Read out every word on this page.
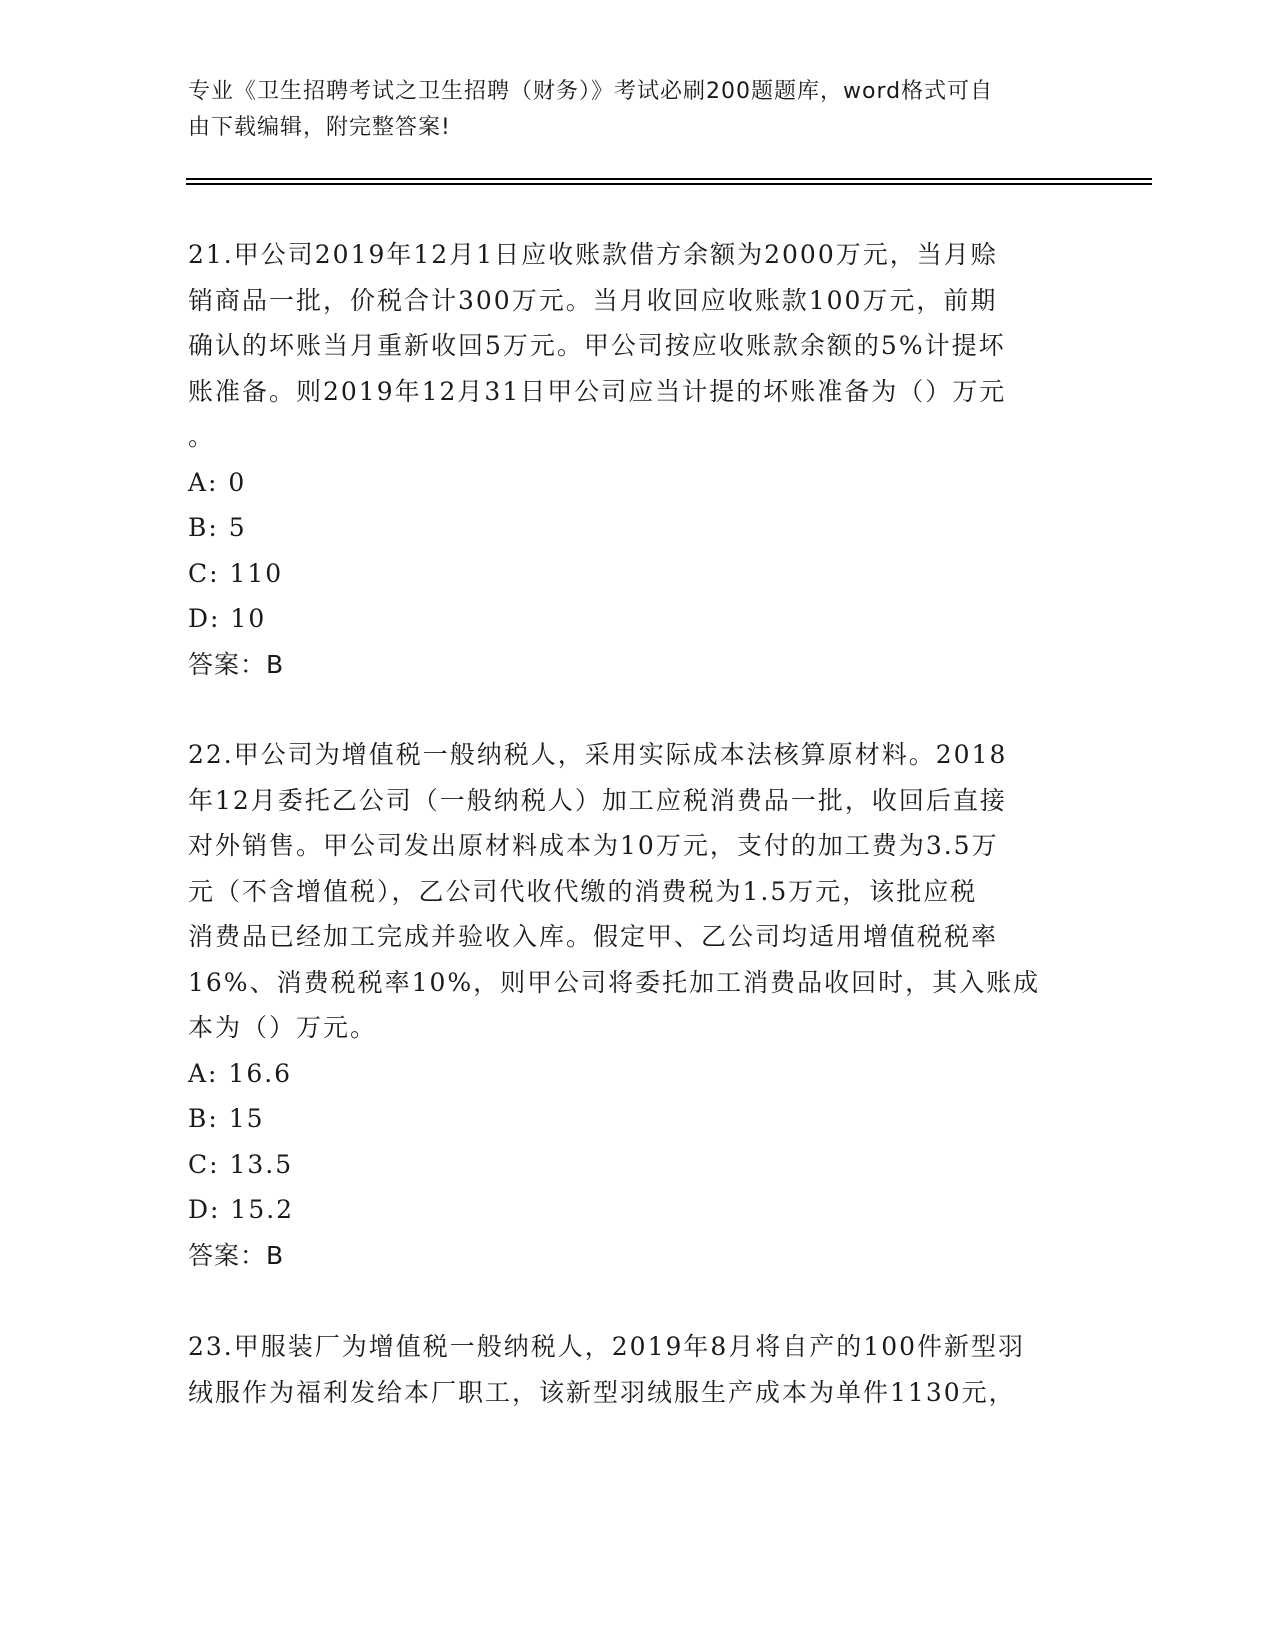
专业《卫生招聘考试之卫生招聘（财务）》考试必刷200题题库，word格式可自
由下载编辑，附完整答案!

21.甲公司2019年12月1日应收账款借方余额为2000万元，当月赊

销商品一批，价税合计300万元。当月收回应收账款100万元，前期

确认的坏账当月重新收回5万元。甲公司按应收账款余额的5%计提坏

账准备。则2019年12月31日甲公司应当计提的坏账准备为（）万元

。

A: 0

B: 5

C: 110

D: 10

答案：B

22.甲公司为增值税一般纳税人，采用实际成本法核算原材料。2018

年12月委托乙公司（一般纳税人）加工应税消费品一批，收回后直接

对外销售。甲公司发出原材料成本为10万元，支付的加工费为3.5万

元（不含增值税），乙公司代收代缴的消费税为1.5万元，该批应税

消费品已经加工完成并验收入库。假定甲、乙公司均适用增值税税率

16%、消费税税率10%，则甲公司将委托加工消费品收回时，其入账成

本为（）万元。

A: 16.6

B: 15

C: 13.5

D: 15.2

答案：B

23.甲服装厂为增值税一般纳税人，2019年8月将自产的100件新型羽

绒服作为福利发给本厂职工，该新型羽绒服生产成本为单件1130元，
